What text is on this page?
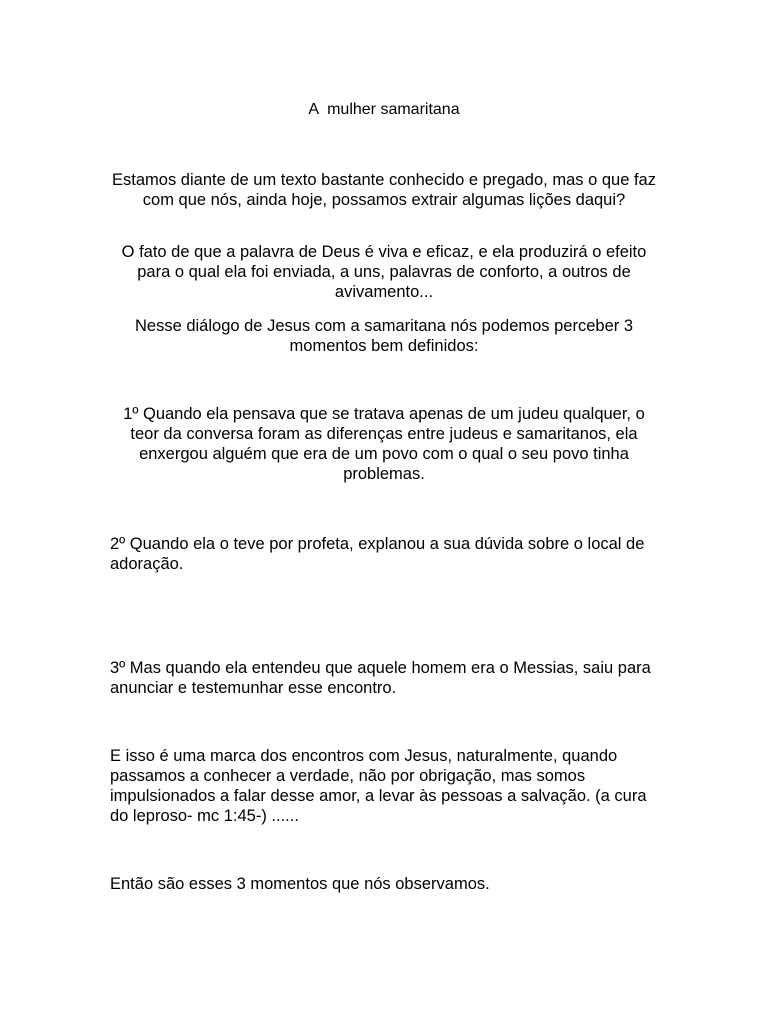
A  mulher samaritana

Estamos diante de um texto bastante conhecido e pregado, mas o que faz com que nós, ainda hoje, possamos extrair algumas lições daqui?

O fato de que a palavra de Deus é viva e eficaz, e ela produzirá o efeito para o qual ela foi enviada, a uns, palavras de conforto, a outros de avivamento...

Nesse diálogo de Jesus com a samaritana nós podemos perceber 3 momentos bem definidos:

1º Quando ela pensava que se tratava apenas de um judeu qualquer, o teor da conversa foram as diferenças entre judeus e samaritanos, ela enxergou alguém que era de um povo com o qual o seu povo tinha problemas.

2º Quando ela o teve por profeta, explanou a sua dúvida sobre o local de adoração.

3º Mas quando ela entendeu que aquele homem era o Messias, saiu para anunciar e testemunhar esse encontro.

E isso é uma marca dos encontros com Jesus, naturalmente, quando passamos a conhecer a verdade, não por obrigação, mas somos impulsionados a falar desse amor, a levar às pessoas a salvação. (a cura do leproso- mc 1:45-) ......

Então são esses 3 momentos que nós observamos.
